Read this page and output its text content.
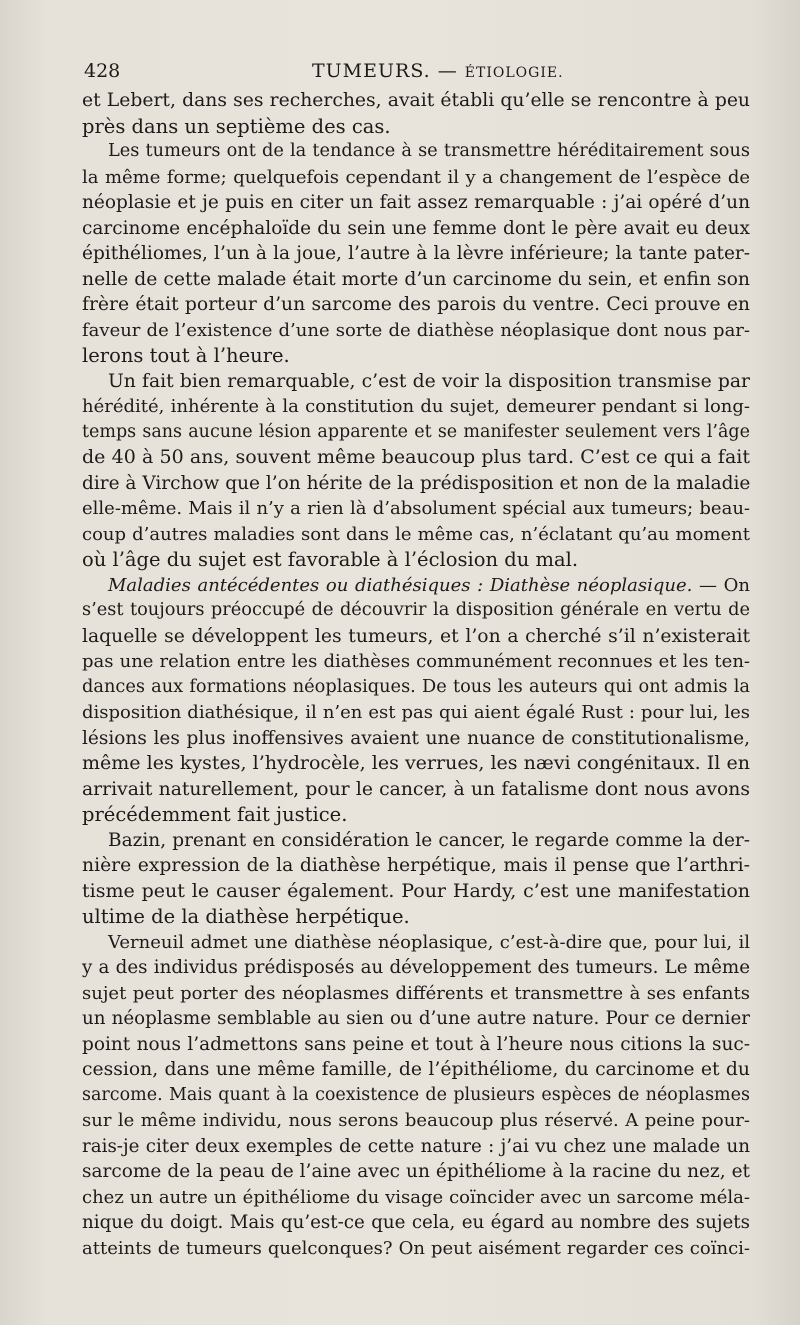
428	TUMEURS. — ÉTIOLOGIE.
et Lebert, dans ses recherches, avait établi qu’elle se rencontre à peu
près dans un septième des cas.
Les tumeurs ont de la tendance à se transmettre héréditairement sous
la même forme; quelquefois cependant il y a changement de l’espèce de
néoplasie et je puis en citer un fait assez remarquable : j’ai opéré d’un
carcinome encéphaloïde du sein une femme dont le père avait eu deux
épithéliomes, l’un à la joue, l’autre à la lèvre inférieure; la tante pater-
nelle de cette malade était morte d’un carcinome du sein, et enfin son
frère était porteur d’un sarcome des parois du ventre. Ceci prouve en
faveur de l’existence d’une sorte de diathèse néoplasique dont nous par-
lerons tout à l’heure.
Un fait bien remarquable, c’est de voir la disposition transmise par
hérédité, inhérente à la constitution du sujet, demeurer pendant si long-
temps sans aucune lésion apparente et se manifester seulement vers l’âge
de 40 à 50 ans, souvent même beaucoup plus tard. C’est ce qui a fait
dire à Virchow que l’on hérite de la prédisposition et non de la maladie
elle-même. Mais il n’y a rien là d’absolument spécial aux tumeurs; beau-
coup d’autres maladies sont dans le même cas, n’éclatant qu’au moment
où l’âge du sujet est favorable à l’éclosion du mal.
Maladies antécédentes ou diathésiques : Diathèse néoplasique. — On
s’est toujours préoccupé de découvrir la disposition générale en vertu de
laquelle se développent les tumeurs, et l’on a cherché s’il n’existerait
pas une relation entre les diathèses communément reconnues et les ten-
dances aux formations néoplasiques. De tous les auteurs qui ont admis la
disposition diathésique, il n’en est pas qui aient égalé Rust : pour lui, les
lésions les plus inoffensives avaient une nuance de constitutionalisme,
même les kystes, l’hydrocèle, les verrues, les nævi congénitaux. Il en
arrivait naturellement, pour le cancer, à un fatalisme dont nous avons
précédemment fait justice.
Bazin, prenant en considération le cancer, le regarde comme la der-
nière expression de la diathèse herpétique, mais il pense que l’arthri-
tisme peut le causer également. Pour Hardy, c’est une manifestation
ultime de la diathèse herpétique.
Verneuil admet une diathèse néoplasique, c’est-à-dire que, pour lui, il
y a des individus prédisposés au développement des tumeurs. Le même
sujet peut porter des néoplasmes différents et transmettre à ses enfants
un néoplasme semblable au sien ou d’une autre nature. Pour ce dernier
point nous l’admettons sans peine et tout à l’heure nous citions la suc-
cession, dans une même famille, de l’épithéliome, du carcinome et du
sarcome. Mais quant à la coexistence de plusieurs espèces de néoplasmes
sur le même individu, nous serons beaucoup plus réservé. A peine pour-
rais-je citer deux exemples de cette nature : j’ai vu chez une malade un
sarcome de la peau de l’aine avec un épithéliome à la racine du nez, et
chez un autre un épithéliome du visage coïncider avec un sarcome méla-
nique du doigt. Mais qu’est-ce que cela, eu égard au nombre des sujets
atteints de tumeurs quelconques? On peut aisément regarder ces coïnci-
